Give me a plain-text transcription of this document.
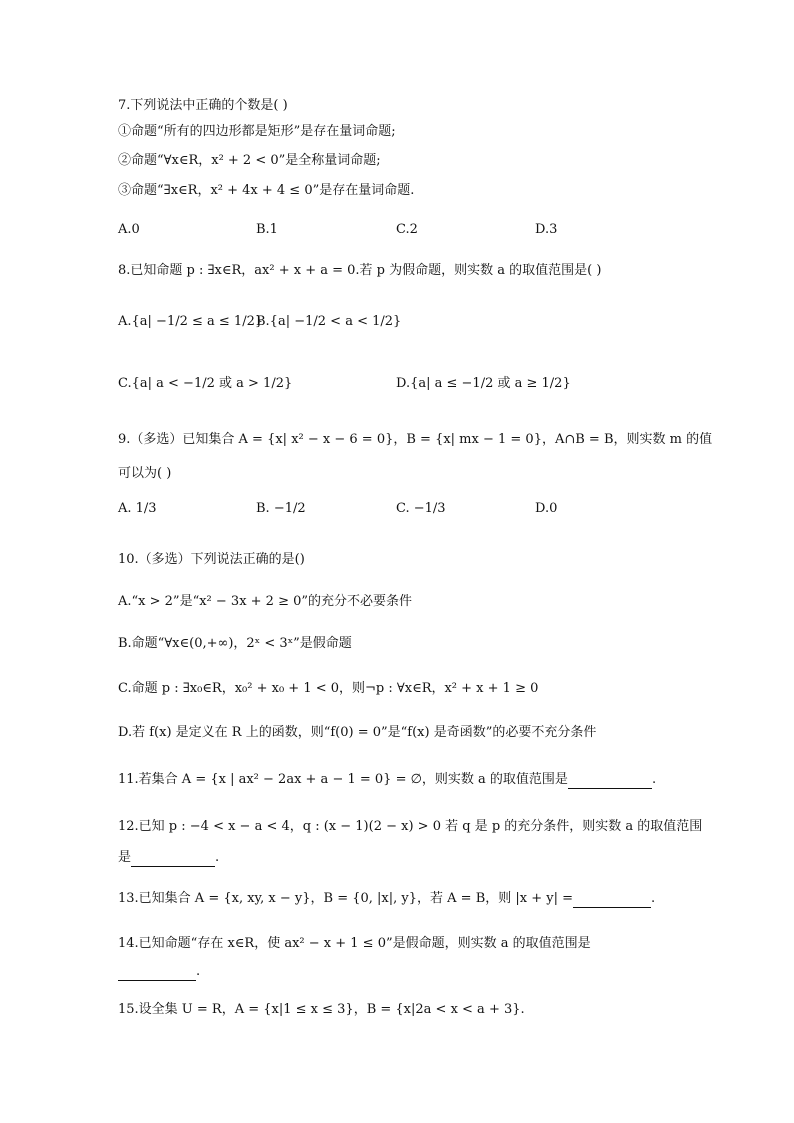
7.下列说法中正确的个数是( )
①命题“所有的四边形都是矩形”是存在量词命题;
②命题“∀x∈R，x² + 2 < 0”是全称量词命题;
③命题“∃x∈R，x² + 4x + 4 ≤ 0”是存在量词命题.
A.0	B.1	C.2	D.3
8.已知命题 p : ∃x∈R，ax² + x + a = 0.若 p 为假命题，则实数 a 的取值范围是( )
A.{a| −1/2 ≤ a ≤ 1/2}
B.{a| −1/2 < a < 1/2}
C.{a| a < −1/2 或 a > 1/2}	D.{a| a ≤ −1/2 或 a ≥ 1/2}
9.（多选）已知集合 A = {x| x² − x − 6 = 0}，B = {x| mx − 1 = 0}，A∩B = B，则实数 m 的值
可以为( )
A. 1/3	B. −1/2	C. −1/3	D.0
10.（多选）下列说法正确的是()
A.“x > 2”是“x² − 3x + 2 ≥ 0”的充分不必要条件
B.命题“∀x∈(0,+∞)，2ˣ < 3ˣ”是假命题
C.命题 p : ∃x₀∈R，x₀² + x₀ + 1 < 0，则¬p : ∀x∈R，x² + x + 1 ≥ 0
D.若 f(x) 是定义在 R 上的函数，则“f(0) = 0”是“f(x) 是奇函数”的必要不充分条件
11.若集合 A = {x | ax² − 2ax + a − 1 = 0} = ∅，则实数 a 的取值范围是	.
12.已知 p : −4 < x − a < 4，q : (x − 1)(2 − x) > 0 若 q 是 p 的充分条件，则实数 a 的取值范围
是	.
13.已知集合 A = {x, xy, x − y}，B = {0, |x|, y}，若 A = B，则 |x + y| =	.
14.已知命题“存在 x∈R，使 ax² − x + 1 ≤ 0”是假命题，则实数 a 的取值范围是
.
15.设全集 U = R，A = {x|1 ≤ x ≤ 3}，B = {x|2a < x < a + 3}.
